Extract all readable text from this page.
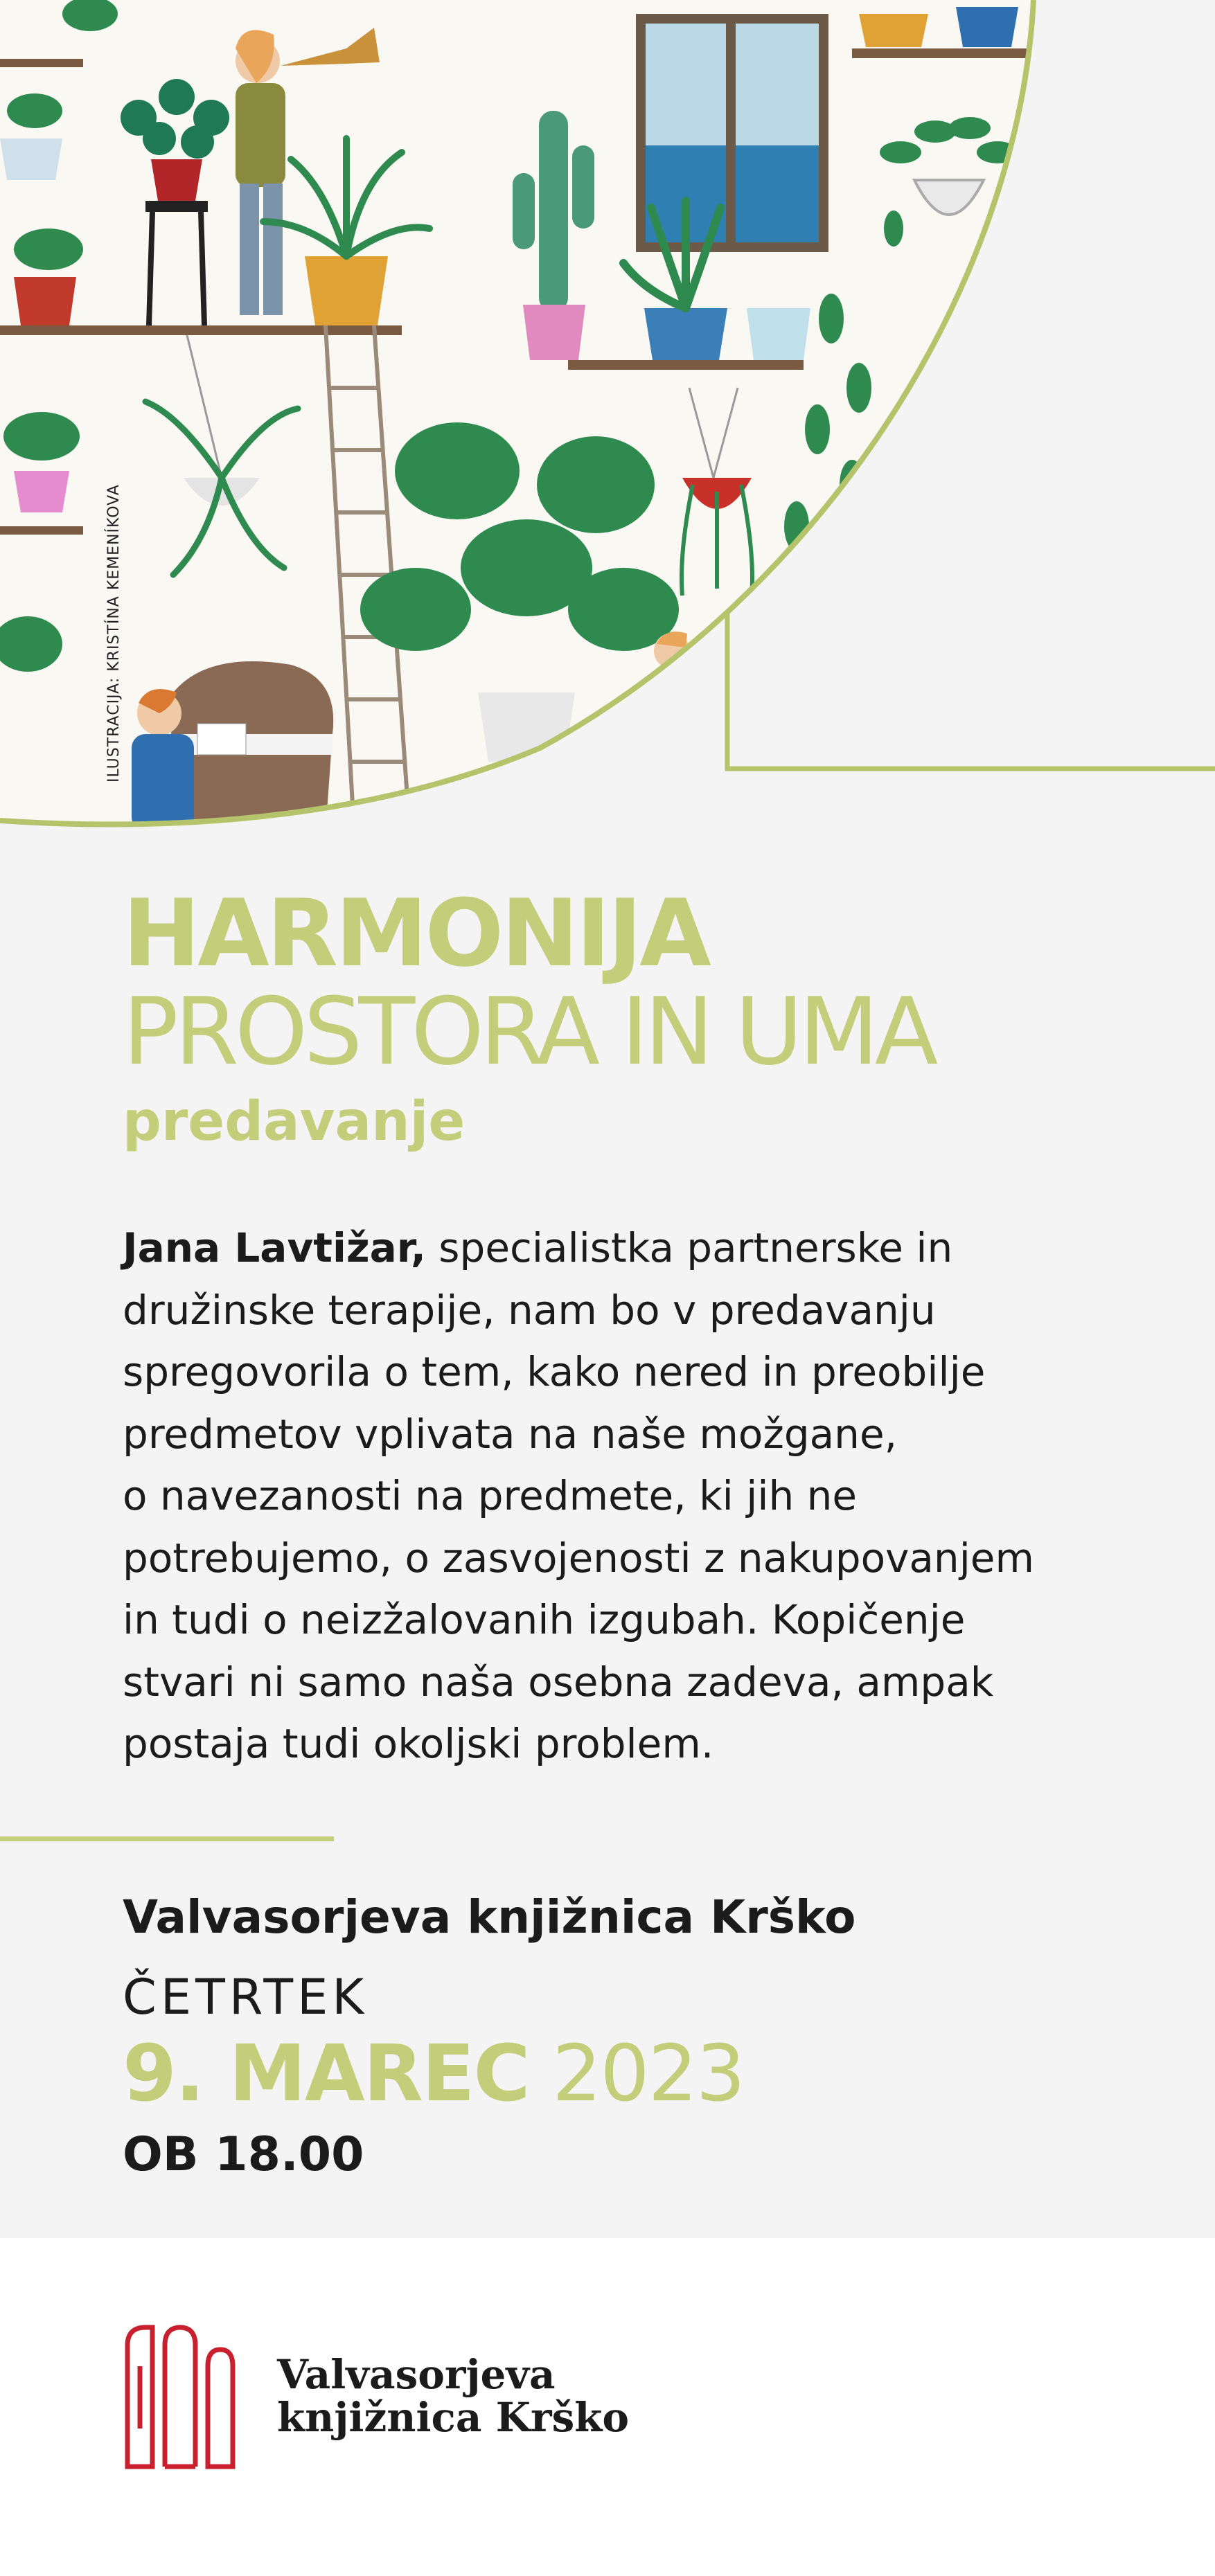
ILUSTRACIJA: KRISTÍNA KEMENÍKOVA
HARMONIJA
PROSTORA IN UMA
predavanje
Jana Lavtižar, specialistka partnerske in
družinske terapije, nam bo v predavanju
spregovorila o tem, kako nered in preobilje
predmetov vplivata na naše možgane,
o navezanosti na predmete, ki jih ne
potrebujemo, o zasvojenosti z nakupovanjem
in tudi o neizžalovanih izgubah. Kopičenje
stvari ni samo naša osebna zadeva, ampak
postaja tudi okoljski problem.
Valvasorjeva knjižnica Krško
ČETRTEK
9. MAREC 2023
OB 18.00
Valvasorjeva
knjižnica Krško
